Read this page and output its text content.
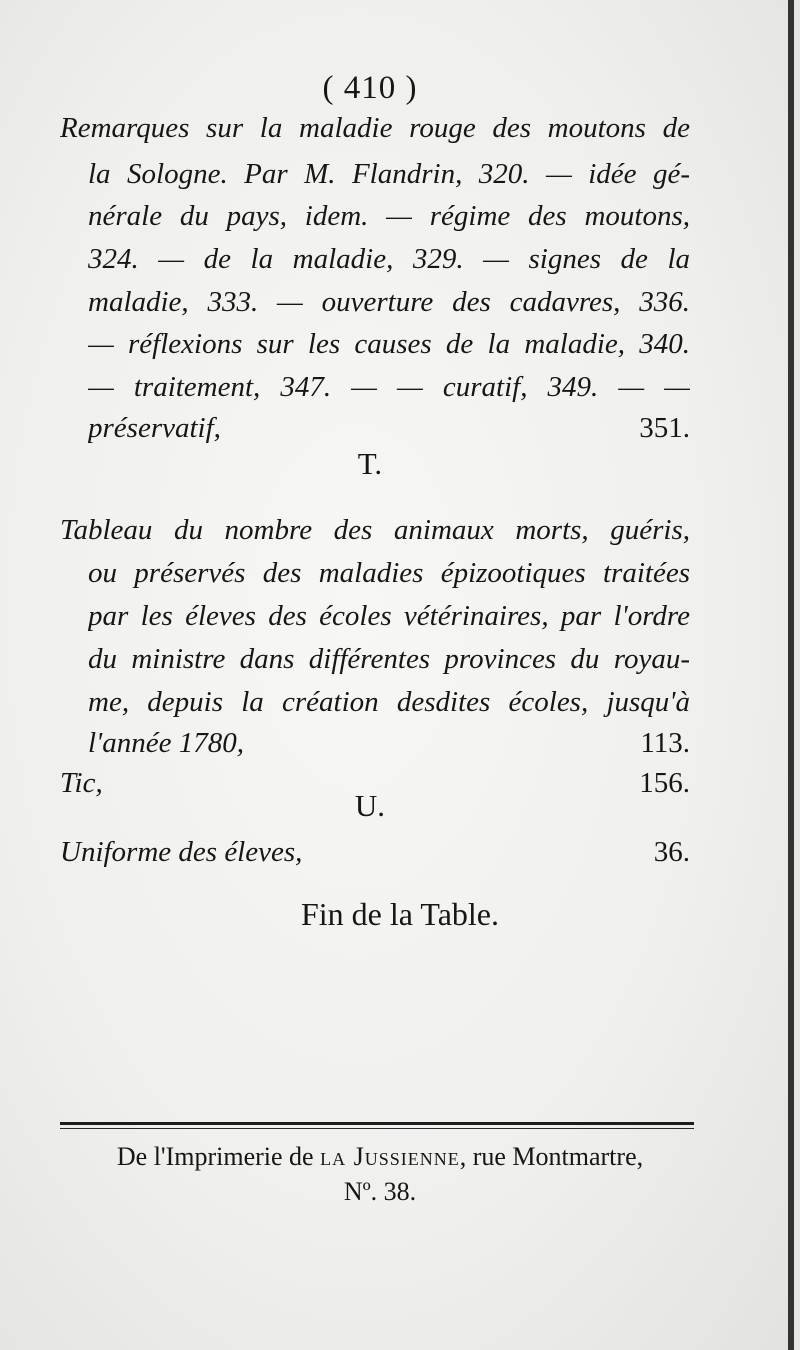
( 410 )
Remarques sur la maladie rouge des moutons de
la Sologne. Par M. Flandrin, 320. — idée gé-
nérale du pays, idem. — régime des moutons,
324. — de la maladie, 329. — signes de la
maladie, 333. — ouverture des cadavres, 336.
— réflexions sur les causes de la maladie, 340.
— traitement, 347. — — curatif, 349. — —
préservatif,	351.
T.
Tableau du nombre des animaux morts, guéris,
ou préservés des maladies épizootiques traitées
par les éleves des écoles vétérinaires, par l'ordre
du ministre dans différentes provinces du royau-
me, depuis la création desdites écoles, jusqu'à
l'année 1780,	113.
Tic,	156.
U.
Uniforme des éleves,	36.
Fin de la Table.
De l'Imprimerie de la Jussienne, rue Montmartre,
Nº. 38.
